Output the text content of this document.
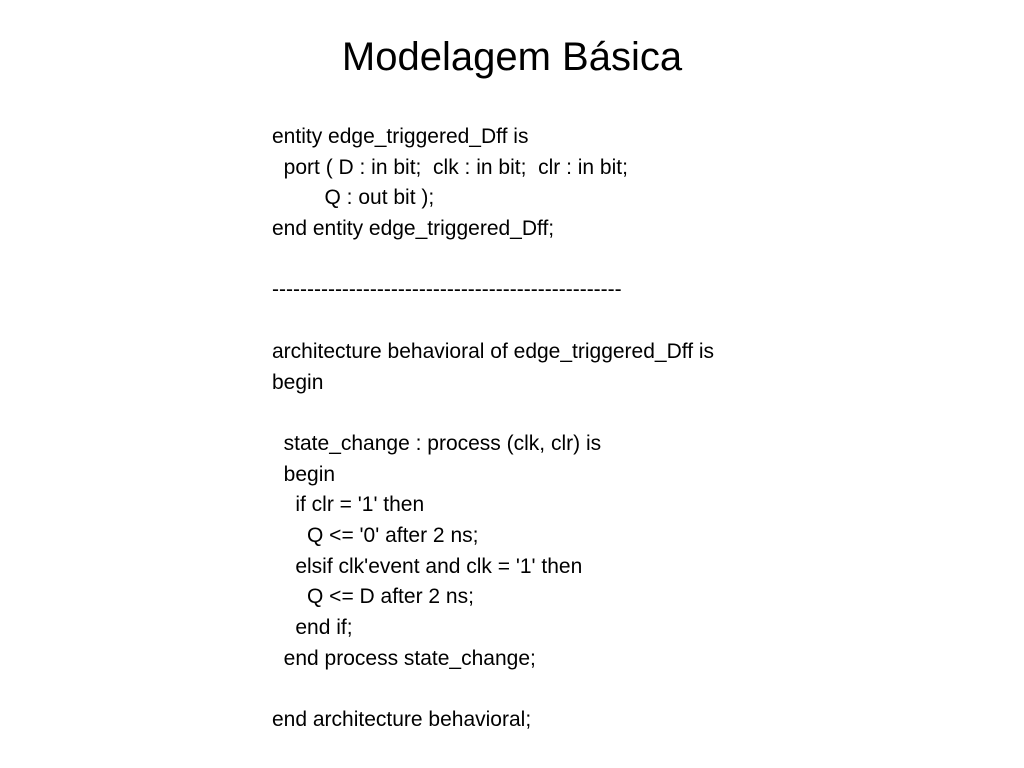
Modelagem Básica
entity edge_triggered_Dff is
port ( D : in bit;  clk : in bit;  clr : in bit;
Q : out bit );
end entity edge_triggered_Dff;
--------------------------------------------------
architecture behavioral of edge_triggered_Dff is
begin
state_change : process (clk, clr) is
begin
if clr = '1' then
Q <= '0' after 2 ns;
elsif clk'event and clk = '1' then
Q <= D after 2 ns;
end if;
end process state_change;
end architecture behavioral;
